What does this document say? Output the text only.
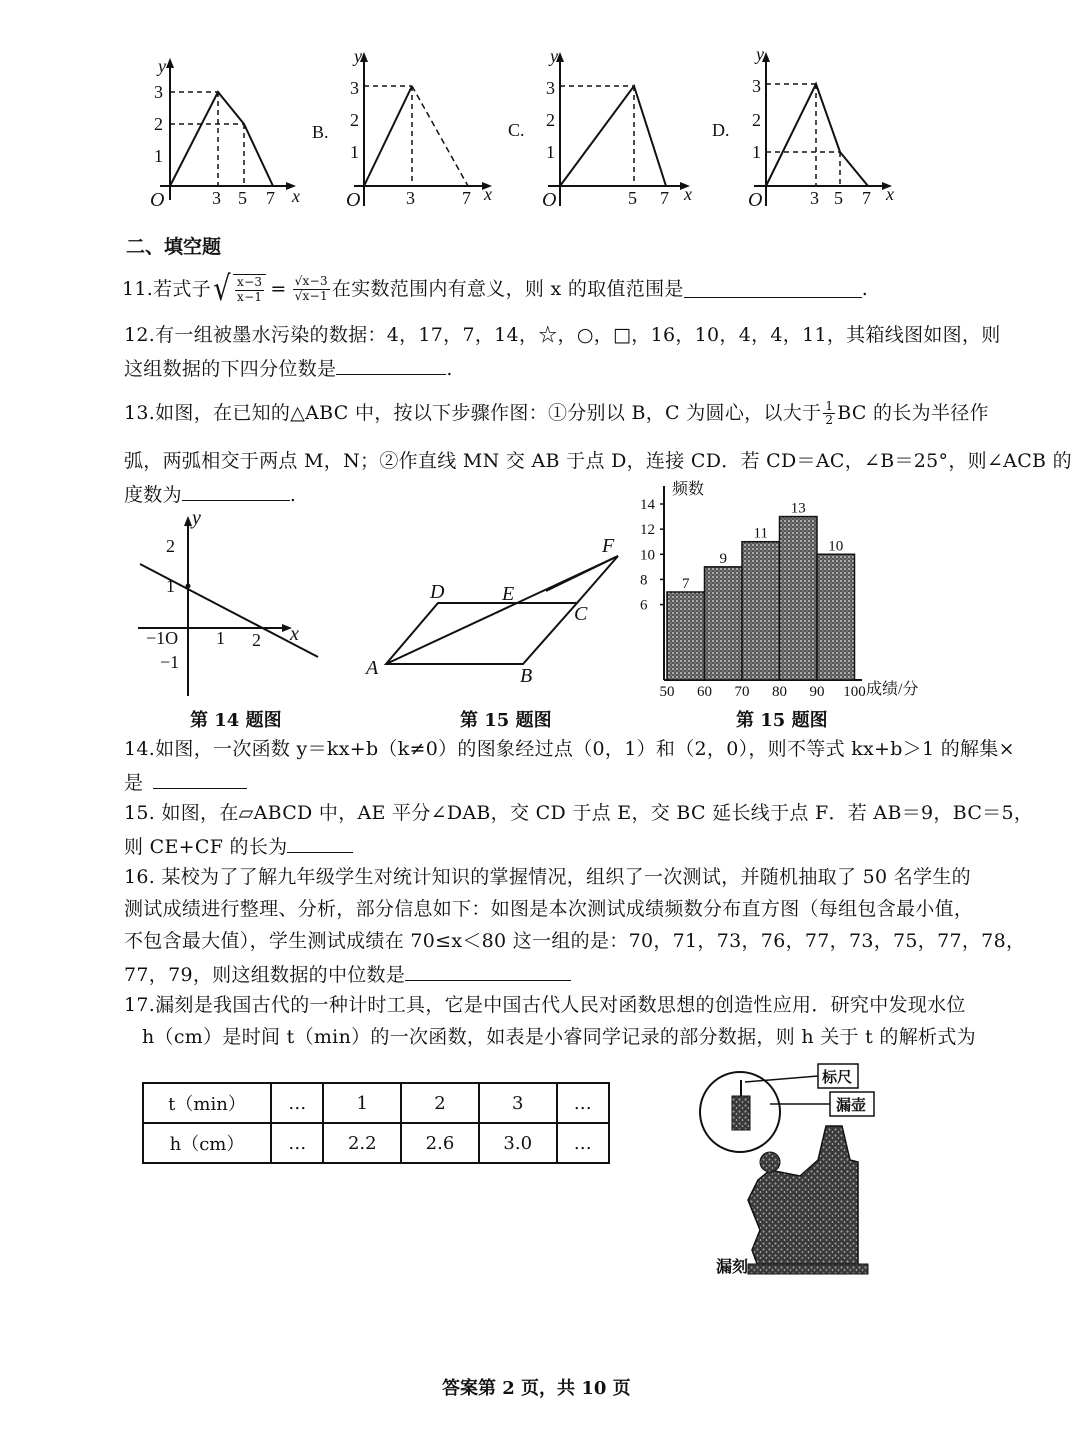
y
3
2
1
O	3 5 7 x
B.
y
3
2
1
O	3	7 x
C.
y
3
2
1
O	5 7 x
D.
y
3
2
1
O	3 5 7 x
二、填空题
11.若式子 √ $\frac{x-3}{x-1} = \frac{√x-3}{√x-1}$ 在实数范围内有意义，则 x 的取值范围是	.
12.有一组被墨水污染的数据：4，17，7，14，☆，○，□，16，10，4，4，11，其箱线图如图，则
这组数据的下四分位数是	.
13.如图，在已知的△ABC 中，按以下步骤作图：①分别以 B，C 为圆心，以大于 $\frac{1}{2}$ BC 的长为半径作
弧，两弧相交于两点 M，N；②作直线 MN 交 AB 于点 D，连接 CD．若 CD＝AC，∠B＝25°，则∠ACB 的
度数为	.
y
2
1
−1O 1 2 x
−1
第 14 题图
A	B
C
D	E
F
第 15 题图
频数
成绩/分
6
8
10
12
14
7
9
11
13
10
50 60 70 80 90 100
第 15 题图
14.如图，一次函数 y＝kx+b（k≠0）的图象经过点（0，1）和（2，0），则不等式 kx+b＞1 的解集×
是
15. 如图，在▱ABCD 中，AE 平分∠DAB，交 CD 于点 E，交 BC 延长线于点 F．若 AB＝9，BC＝5，
则 CE+CF 的长为
16. 某校为了了解九年级学生对统计知识的掌握情况，组织了一次测试，并随机抽取了 50 名学生的
测试成绩进行整理、分析，部分信息如下：如图是本次测试成绩频数分布直方图（每组包含最小值，
不包含最大值），学生测试成绩在 70≤x＜80 这一组的是：70，71，73，76，77，73，75，77，78，
77，79，则这组数据的中位数是
17.漏刻是我国古代的一种计时工具，它是中国古代人民对函数思想的创造性应用．研究中发现水位
h（cm）是时间 t（min）的一次函数，如表是小睿同学记录的部分数据，则 h 关于 t 的解析式为
t（min）	…	1	2	3	…
h（cm）	…	2.2	2.6	3.0	…
标尺
漏壶
漏刻
答案第 2 页，共 10 页
